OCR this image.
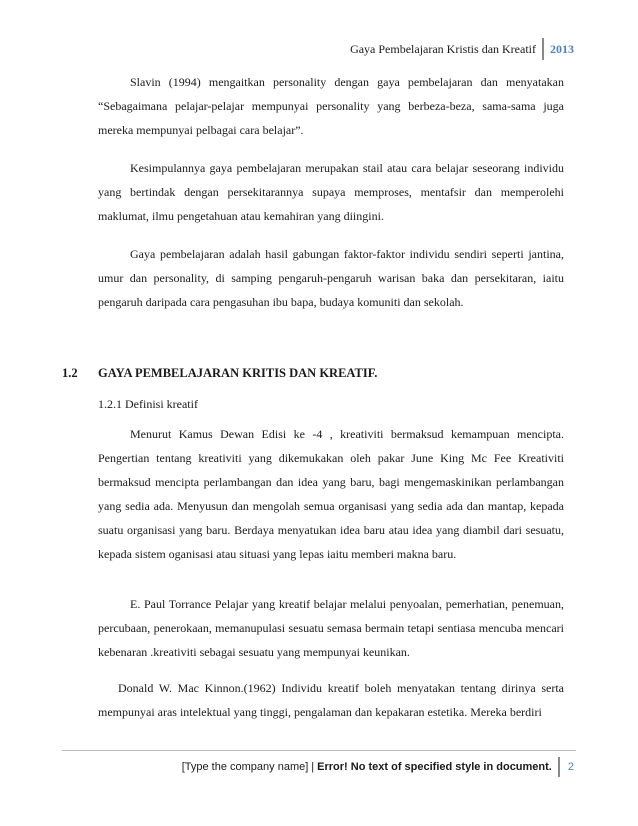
Gaya Pembelajaran Kristis dan Kreatif	2013

Slavin (1994) mengaitkan personality dengan gaya pembelajaran dan menyatakan “Sebagaimana pelajar-pelajar mempunyai personality yang berbeza-beza, sama-sama juga mereka mempunyai pelbagai cara belajar”.

Kesimpulannya gaya pembelajaran merupakan stail atau cara belajar seseorang individu yang bertindak dengan persekitarannya supaya memproses, mentafsir dan memperolehi maklumat, ilmu pengetahuan atau kemahiran yang diingini.

Gaya pembelajaran adalah hasil gabungan faktor-faktor individu sendiri seperti jantina, umur dan personality, di samping pengaruh-pengaruh warisan baka dan persekitaran, iaitu pengaruh daripada cara pengasuhan ibu bapa, budaya komuniti dan sekolah.

1.2	GAYA PEMBELAJARAN KRITIS DAN KREATIF.
1.2.1 Definisi kreatif

Menurut Kamus Dewan Edisi ke -4 , kreativiti bermaksud kemampuan mencipta. Pengertian tentang kreativiti yang dikemukakan oleh pakar June King Mc Fee Kreativiti bermaksud mencipta perlambangan dan idea yang baru, bagi mengemaskinikan perlambangan yang sedia ada. Menyusun dan mengolah semua organisasi yang sedia ada dan mantap, kepada suatu organisasi yang baru. Berdaya menyatukan idea baru atau idea yang diambil dari sesuatu, kepada sistem oganisasi atau situasi yang lepas iaitu memberi makna baru.

E. Paul Torrance Pelajar yang kreatif belajar melalui penyoalan, pemerhatian, penemuan, percubaan, penerokaan, memanupulasi sesuatu semasa bermain tetapi sentiasa mencuba mencari kebenaran .kreativiti sebagai sesuatu yang mempunyai keunikan.

Donald W. Mac Kinnon.(1962) Individu kreatif boleh menyatakan tentang dirinya serta mempunyai aras intelektual yang tinggi, pengalaman dan kepakaran estetika. Mereka berdiri

[Type the company name] | Error! No text of specified style in document.	2
